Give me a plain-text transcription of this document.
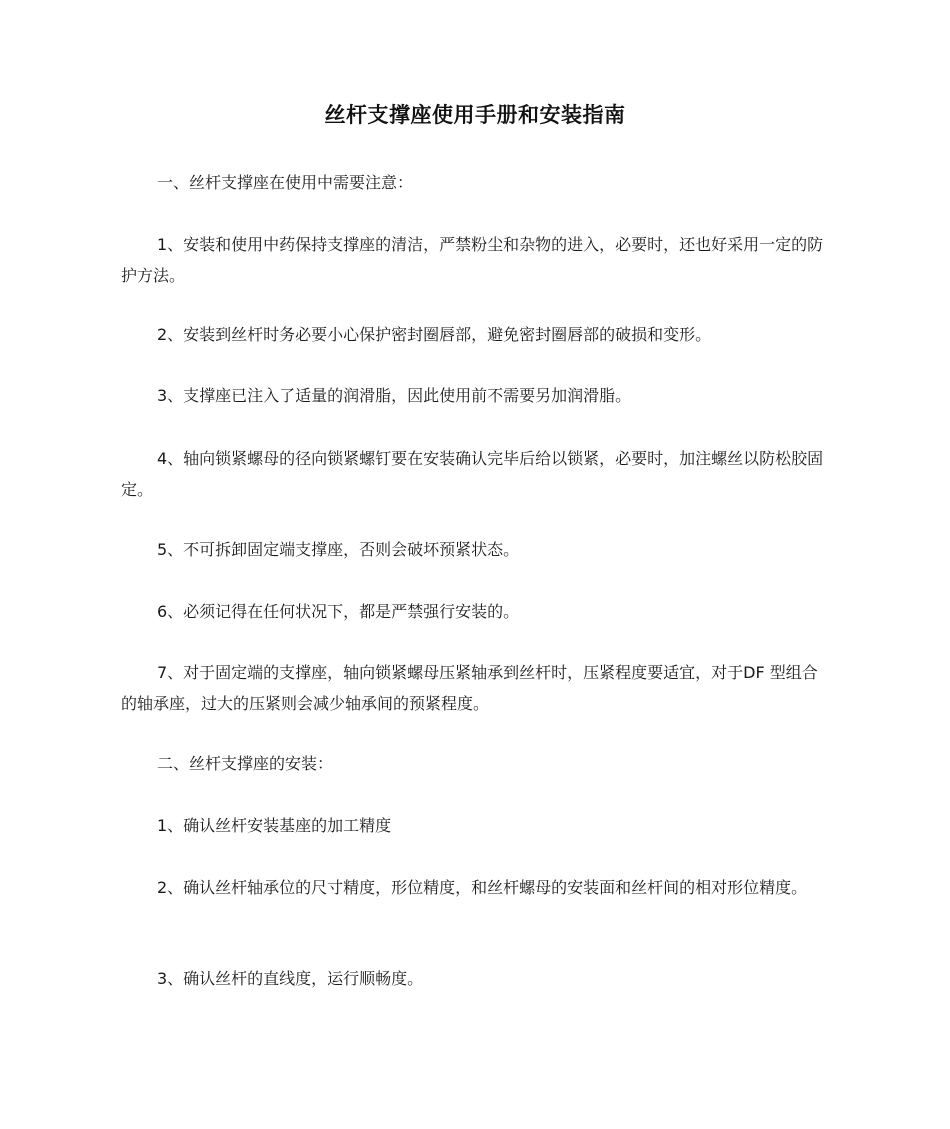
丝杆支撑座使用手册和安装指南

一、丝杆支撑座在使用中需要注意：

1、安装和使用中药保持支撑座的清洁，严禁粉尘和杂物的进入，必要时，还也好采用一定的防护方法。

2、安装到丝杆时务必要小心保护密封圈唇部，避免密封圈唇部的破损和变形。

3、支撑座已注入了适量的润滑脂，因此使用前不需要另加润滑脂。

4、轴向锁紧螺母的径向锁紧螺钉要在安装确认完毕后给以锁紧，必要时，加注螺丝以防松胶固定。

5、不可拆卸固定端支撑座，否则会破坏预紧状态。

6、必须记得在任何状况下，都是严禁强行安装的。

7、对于固定端的支撑座，轴向锁紧螺母压紧轴承到丝杆时，压紧程度要适宜，对于DF 型组合的轴承座，过大的压紧则会减少轴承间的预紧程度。

二、丝杆支撑座的安装：

1、确认丝杆安装基座的加工精度

2、确认丝杆轴承位的尺寸精度，形位精度，和丝杆螺母的安装面和丝杆间的相对形位精度。

3、确认丝杆的直线度，运行顺畅度。
